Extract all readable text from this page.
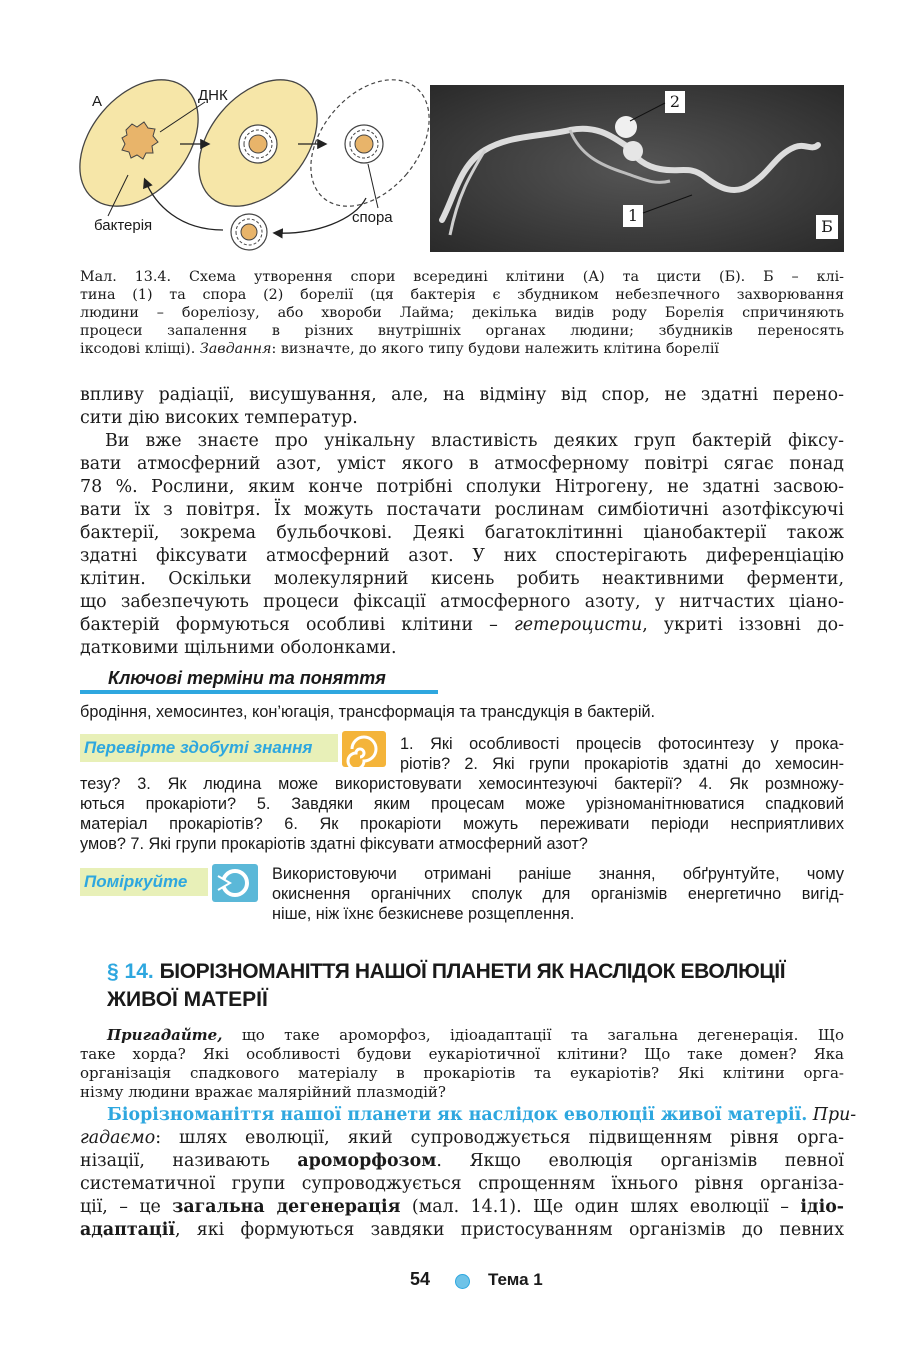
А	ДНК
бактерія	спора
2
1
Б
Мал. 13.4. Схема утворення спори всередині клітини (А) та цисти (Б). Б – клі-
тина (1) та спора (2) борелії (ця бактерія є збудником небезпечного захворювання
людини – бореліозу, або хвороби Лайма; декілька видів роду Борелія спричиняють
процеси запалення в різних внутрішніх органах людини; збудників переносять
іксодові кліщі). Завдання: визначте, до якого типу будови належить клітина борелії
впливу радіації, висушування, але, на відміну від спор, не здатні перено-
сити дію високих температур.
Ви вже знаєте про унікальну властивість деяких груп бактерій фіксу-
вати атмосферний азот, уміст якого в атмосферному повітрі сягає понад
78 %. Рослини, яким конче потрібні сполуки Нітрогену, не здатні засвою-
вати їх з повітря. Їх можуть постачати рослинам симбіотичні азотфіксуючі
бактерії, зокрема бульбочкові. Деякі багатоклітинні ціанобактерії також
здатні фіксувати атмосферний азот. У них спостерігають диференціацію
клітин. Оскільки молекулярний кисень робить неактивними ферменти,
що забезпечують процеси фіксації атмосферного азоту, у нитчастих ціано-
бактерій формуються особливі клітини – гетероцисти, укриті іззовні до-
датковими щільними оболонками.
Ключові терміни та поняття
бродіння, хемосинтез, кон’югація, трансформація та трансдукція в бактерій.
Перевірте здобуті знання	1. Які особливості процесів фотосинтезу у прока-
ріотів? 2. Які групи прокаріотів здатні до хемосин-
тезу? 3. Як людина може використовувати хемосинтезуючі бактерії? 4. Як розмножу-
ються прокаріоти? 5. Завдяки яким процесам може урізноманітнюватися спадковий
матеріал прокаріотів? 6. Як прокаріоти можуть переживати періоди несприятливих
умов? 7. Які групи прокаріотів здатні фіксувати атмосферний азот?
Поміркуйте	Використовуючи отримані раніше знання, обґрунтуйте, чому
окиснення органічних сполук для організмів енергетично вигід-
ніше, ніж їхнє безкисневе розщеплення.
§ 14. БІОРІЗНОМАНІТТЯ НАШОЇ ПЛАНЕТИ ЯК НАСЛІДОК ЕВОЛЮЦІЇ
ЖИВОЇ МАТЕРІЇ
Пригадайте, що таке ароморфоз, ідіоадаптації та загальна дегенерація. Що
таке хорда? Які особливості будови еукаріотичної клітини? Що таке домен? Яка
організація спадкового матеріалу в прокаріотів та еукаріотів? Які клітини орга-
нізму людини вражає малярійний плазмодій?
Біорізноманіття нашої планети як наслідок еволюції живої матерії. При-
гадаємо: шлях еволюції, який супроводжується підвищенням рівня орга-
нізації, називають ароморфозом. Якщо еволюція організмів певної
систематичної групи супроводжується спрощенням їхнього рівня організа-
ції, – це загальна дегенерація (мал. 14.1). Ще один шлях еволюції – ідіо-
адаптації, які формуються завдяки пристосуванням організмів до певних
54	Тема 1
